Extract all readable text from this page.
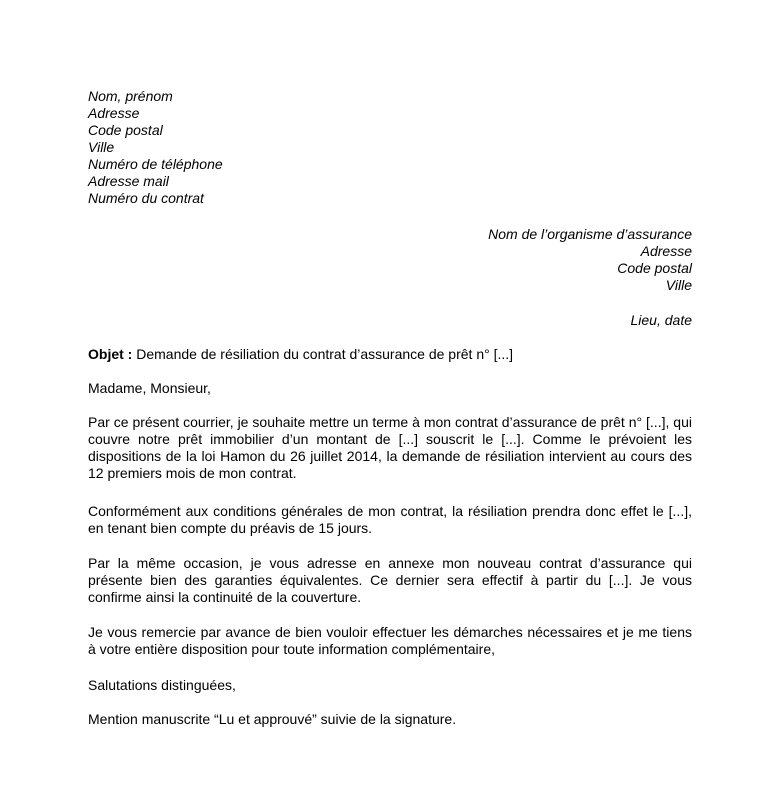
Nom, prénom
Adresse
Code postal
Ville
Numéro de téléphone
Adresse mail
Numéro du contrat
Nom de l’organisme d’assurance
Adresse
Code postal
Ville
Lieu, date
Objet : Demande de résiliation du contrat d’assurance de prêt n° [...]
Madame, Monsieur,
Par ce présent courrier, je souhaite mettre un terme à mon contrat d’assurance de prêt n° [...], qui couvre notre prêt immobilier d’un montant de [...] souscrit le [...]. Comme le prévoient les dispositions de la loi Hamon du 26 juillet 2014, la demande de résiliation intervient au cours des 12 premiers mois de mon contrat.
Conformément aux conditions générales de mon contrat, la résiliation prendra donc effet le [...], en tenant bien compte du préavis de 15 jours.
Par la même occasion, je vous adresse en annexe mon nouveau contrat d’assurance qui présente bien des garanties équivalentes. Ce dernier sera effectif à partir du [...]. Je vous confirme ainsi la continuité de la couverture.
Je vous remercie par avance de bien vouloir effectuer les démarches nécessaires et je me tiens à votre entière disposition pour toute information complémentaire,
Salutations distinguées,
Mention manuscrite “Lu et approuvé” suivie de la signature.
